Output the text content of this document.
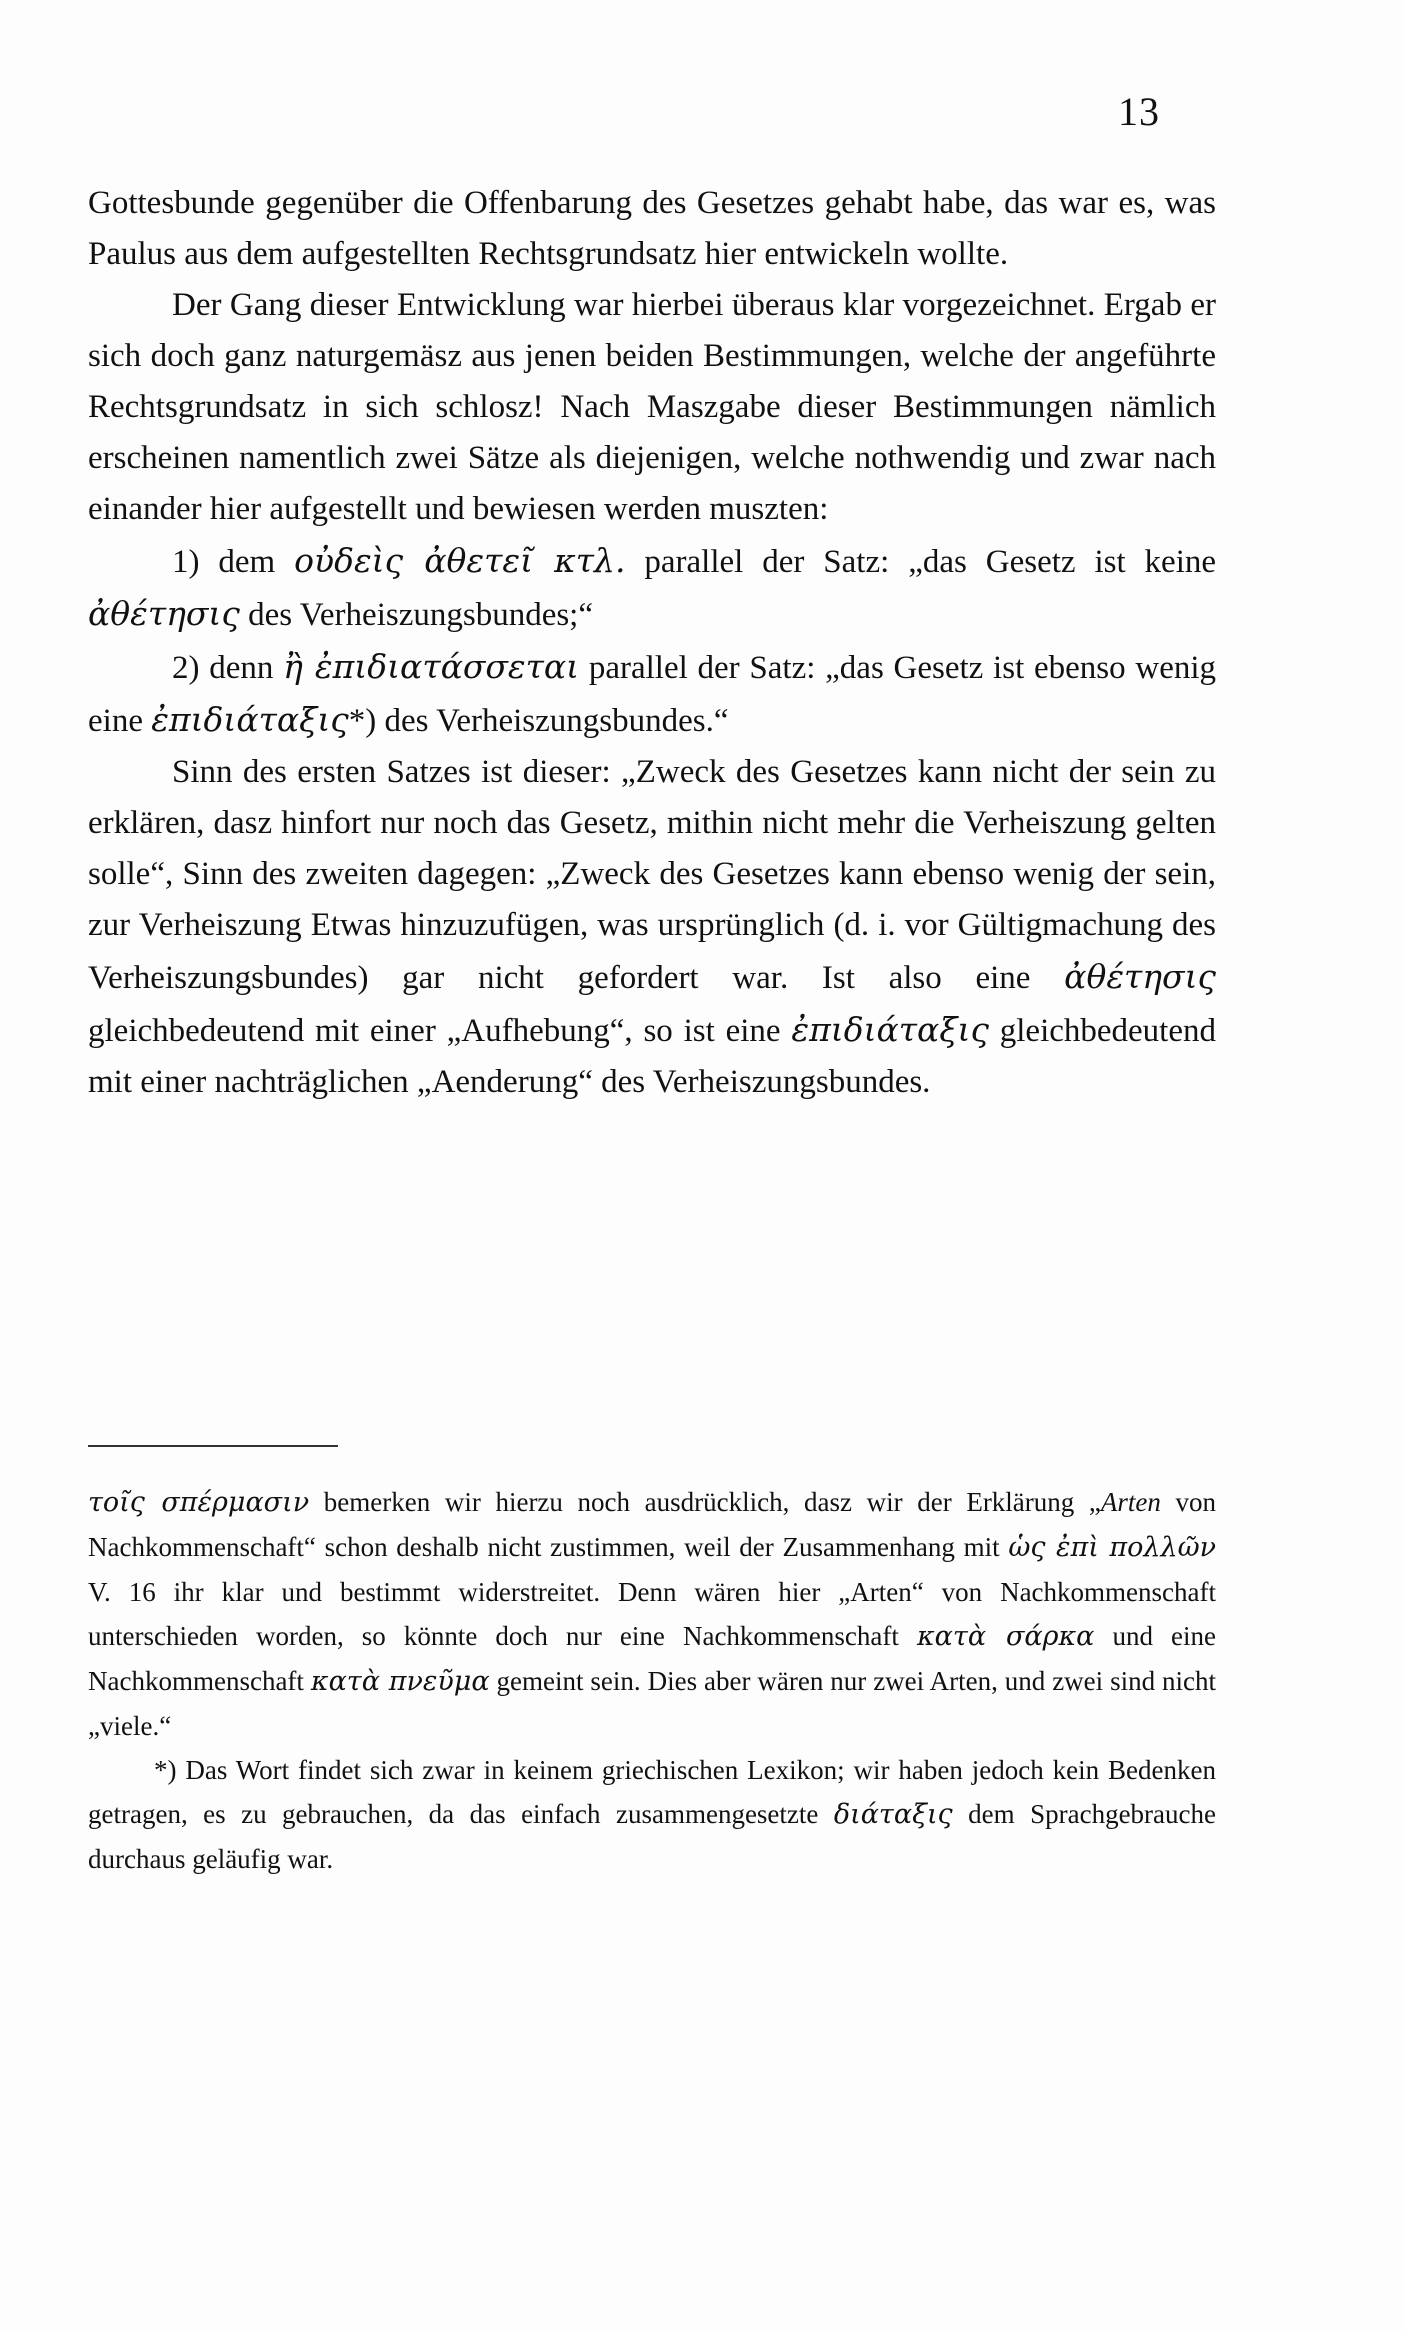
13

Gottesbunde gegenüber die Offenbarung des Gesetzes gehabt habe, das war es, was Paulus aus dem aufgestellten Rechtsgrundsatz hier entwickeln wollte.

Der Gang dieser Entwicklung war hierbei überaus klar vorgezeichnet. Ergab er sich doch ganz naturgemäsz aus jenen beiden Bestimmungen, welche der angeführte Rechtsgrundsatz in sich schlosz! Nach Maszgabe dieser Bestimmungen nämlich erscheinen namentlich zwei Sätze als diejenigen, welche nothwendig und zwar nach einander hier aufgestellt und bewiesen werden muszten:

1) dem οὐδεὶς ἀθετεῖ κτλ. parallel der Satz: „das Gesetz ist keine ἀθέτησις des Verheiszungsbundes;“

2) denn ἢ ἐπιδιατάσσεται parallel der Satz: „das Gesetz ist ebenso wenig eine ἐπιδιάταξις*) des Verheiszungsbundes.“

Sinn des ersten Satzes ist dieser: „Zweck des Gesetzes kann nicht der sein zu erklären, dasz hinfort nur noch das Gesetz, mithin nicht mehr die Verheiszung gelten solle“, Sinn des zweiten dagegen: „Zweck des Gesetzes kann ebenso wenig der sein, zur Verheiszung Etwas hinzuzufügen, was ursprünglich (d. i. vor Gültigmachung des Verheiszungsbundes) gar nicht gefordert war. Ist also eine ἀθέτησις gleichbedeutend mit einer „Aufhebung“, so ist eine ἐπιδιάταξις gleichbedeutend mit einer nachträglichen „Aenderung“ des Verheiszungsbundes.

τοῖς σπέρμασιν bemerken wir hierzu noch ausdrücklich, dasz wir der Erklärung „Arten von Nachkommenschaft“ schon deshalb nicht zustimmen, weil der Zusammenhang mit ὡς ἐπὶ πολλῶν V. 16 ihr klar und bestimmt widerstreitet. Denn wären hier „Arten“ von Nachkommenschaft unterschieden worden, so könnte doch nur eine Nachkommenschaft κατὰ σάρκα und eine Nachkommenschaft κατὰ πνεῦμα gemeint sein. Dies aber wären nur zwei Arten, und zwei sind nicht „viele.“

*) Das Wort findet sich zwar in keinem griechischen Lexikon; wir haben jedoch kein Bedenken getragen, es zu gebrauchen, da das einfach zusammengesetzte διάταξις dem Sprachgebrauche durchaus geläufig war.
